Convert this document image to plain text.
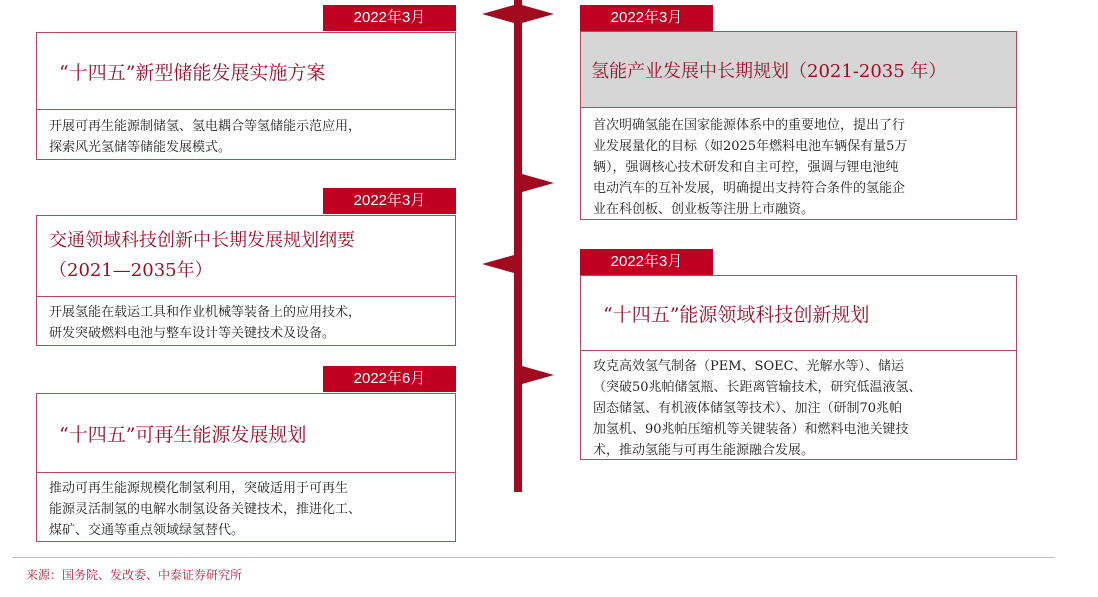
2022年3月
“十四五”新型储能发展实施方案
开展可再生能源制储氢、氢电耦合等氢储能示范应用，
探索风光氢储等储能发展模式。
2022年3月
交通领域科技创新中长期发展规划纲要
（2021—2035年）
开展氢能在载运工具和作业机械等装备上的应用技术，
研发突破燃料电池与整车设计等关键技术及设备。
2022年6月
“十四五”可再生能源发展规划
推动可再生能源规模化制氢利用，突破适用于可再生
能源灵活制氢的电解水制氢设备关键技术，推进化工、
煤矿、交通等重点领域绿氢替代。
2022年3月
氢能产业发展中长期规划（2021-2035 年）
首次明确氢能在国家能源体系中的重要地位，提出了行
业发展量化的目标（如2025年燃料电池车辆保有量5万
辆），强调核心技术研发和自主可控，强调与锂电池纯
电动汽车的互补发展，明确提出支持符合条件的氢能企
业在科创板、创业板等注册上市融资。
2022年3月
“十四五”能源领域科技创新规划
攻克高效氢气制备（PEM、SOEC、光解水等）、储运
（突破50兆帕储氢瓶、长距离管输技术，研究低温液氢、
固态储氢、有机液体储氢等技术）、加注（研制70兆帕
加氢机、90兆帕压缩机等关键装备）和燃料电池关键技
术，推动氢能与可再生能源融合发展。
来源：国务院、发改委、中泰证券研究所
